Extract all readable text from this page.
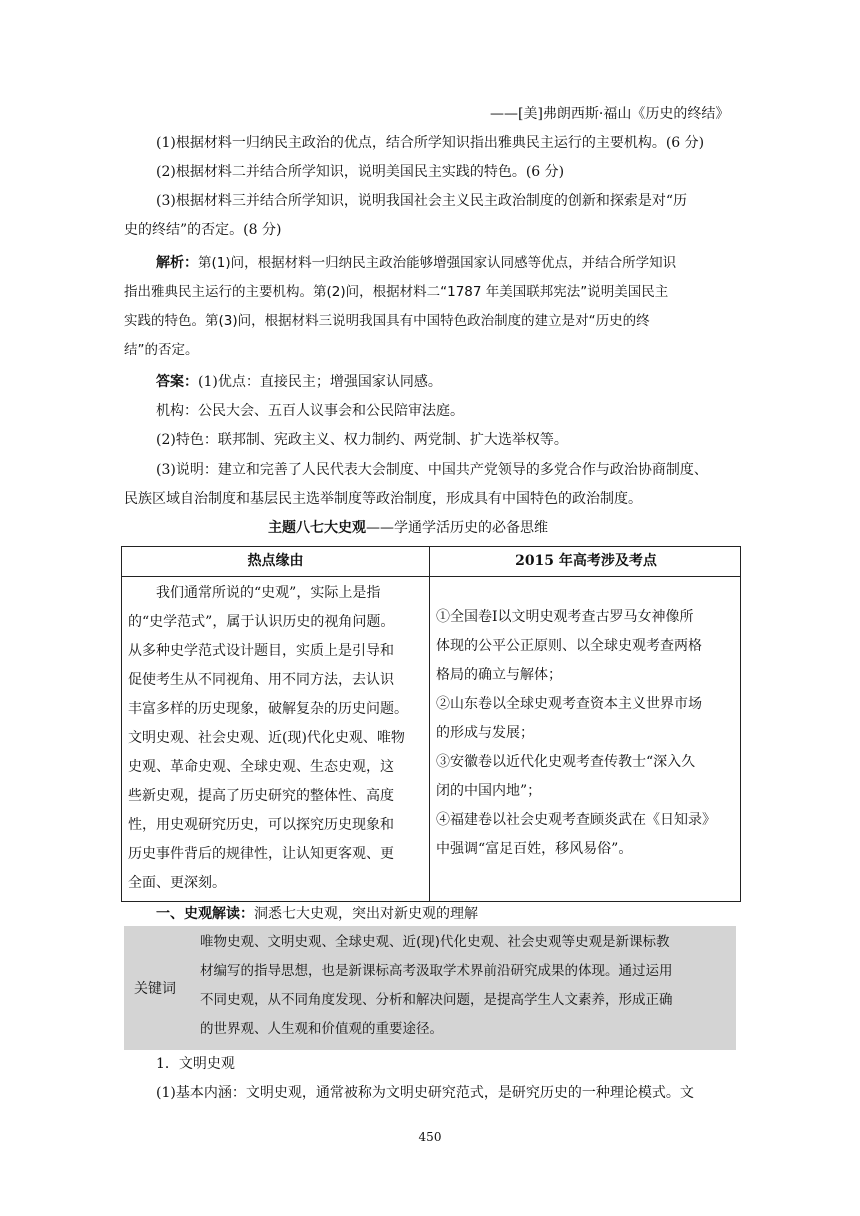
——[美]弗朗西斯·福山《历史的终结》
(1)根据材料一归纳民主政治的优点，结合所学知识指出雅典民主运行的主要机构。(6 分)
(2)根据材料二并结合所学知识，说明美国民主实践的特色。(6 分)
(3)根据材料三并结合所学知识，说明我国社会主义民主政治制度的创新和探索是对“历
史的终结”的否定。(8 分)
解析：第(1)问，根据材料一归纳民主政治能够增强国家认同感等优点，并结合所学知识
指出雅典民主运行的主要机构。第(2)问，根据材料二“1787 年美国联邦宪法”说明美国民主
实践的特色。第(3)问，根据材料三说明我国具有中国特色政治制度的建立是对“历史的终
结”的否定。
答案：(1)优点：直接民主；增强国家认同感。
机构：公民大会、五百人议事会和公民陪审法庭。
(2)特色：联邦制、宪政主义、权力制约、两党制、扩大选举权等。
(3)说明：建立和完善了人民代表大会制度、中国共产党领导的多党合作与政治协商制度、
民族区域自治制度和基层民主选举制度等政治制度，形成具有中国特色的政治制度。
主题八七大史观——学通学活历史的必备思维
热点缘由	2015 年高考涉及考点
我们通常所说的“史观”，实际上是指
的“史学范式”，属于认识历史的视角问题。
从多种史学范式设计题目，实质上是引导和
促使考生从不同视角、用不同方法，去认识
丰富多样的历史现象，破解复杂的历史问题。
文明史观、社会史观、近(现)代化史观、唯物
史观、革命史观、全球史观、生态史观，这
些新史观，提高了历史研究的整体性、高度
性，用史观研究历史，可以探究历史现象和
历史事件背后的规律性，让认知更客观、更
全面、更深刻。
①全国卷Ⅰ以文明史观考查古罗马女神像所
体现的公平公正原则、以全球史观考查两格
格局的确立与解体；
②山东卷以全球史观考查资本主义世界市场
的形成与发展；
③安徽卷以近代化史观考查传教士“深入久
闭的中国内地”；
④福建卷以社会史观考查顾炎武在《日知录》
中强调“富足百姓，移风易俗”。
一、史观解读：洞悉七大史观，突出对新史观的理解
关键词
唯物史观、文明史观、全球史观、近(现)代化史观、社会史观等史观是新课标教
材编写的指导思想，也是新课标高考汲取学术界前沿研究成果的体现。通过运用
不同史观，从不同角度发现、分析和解决问题，是提高学生人文素养，形成正确
的世界观、人生观和价值观的重要途径。
1．文明史观
(1)基本内涵：文明史观，通常被称为文明史研究范式，是研究历史的一种理论模式。文
450
